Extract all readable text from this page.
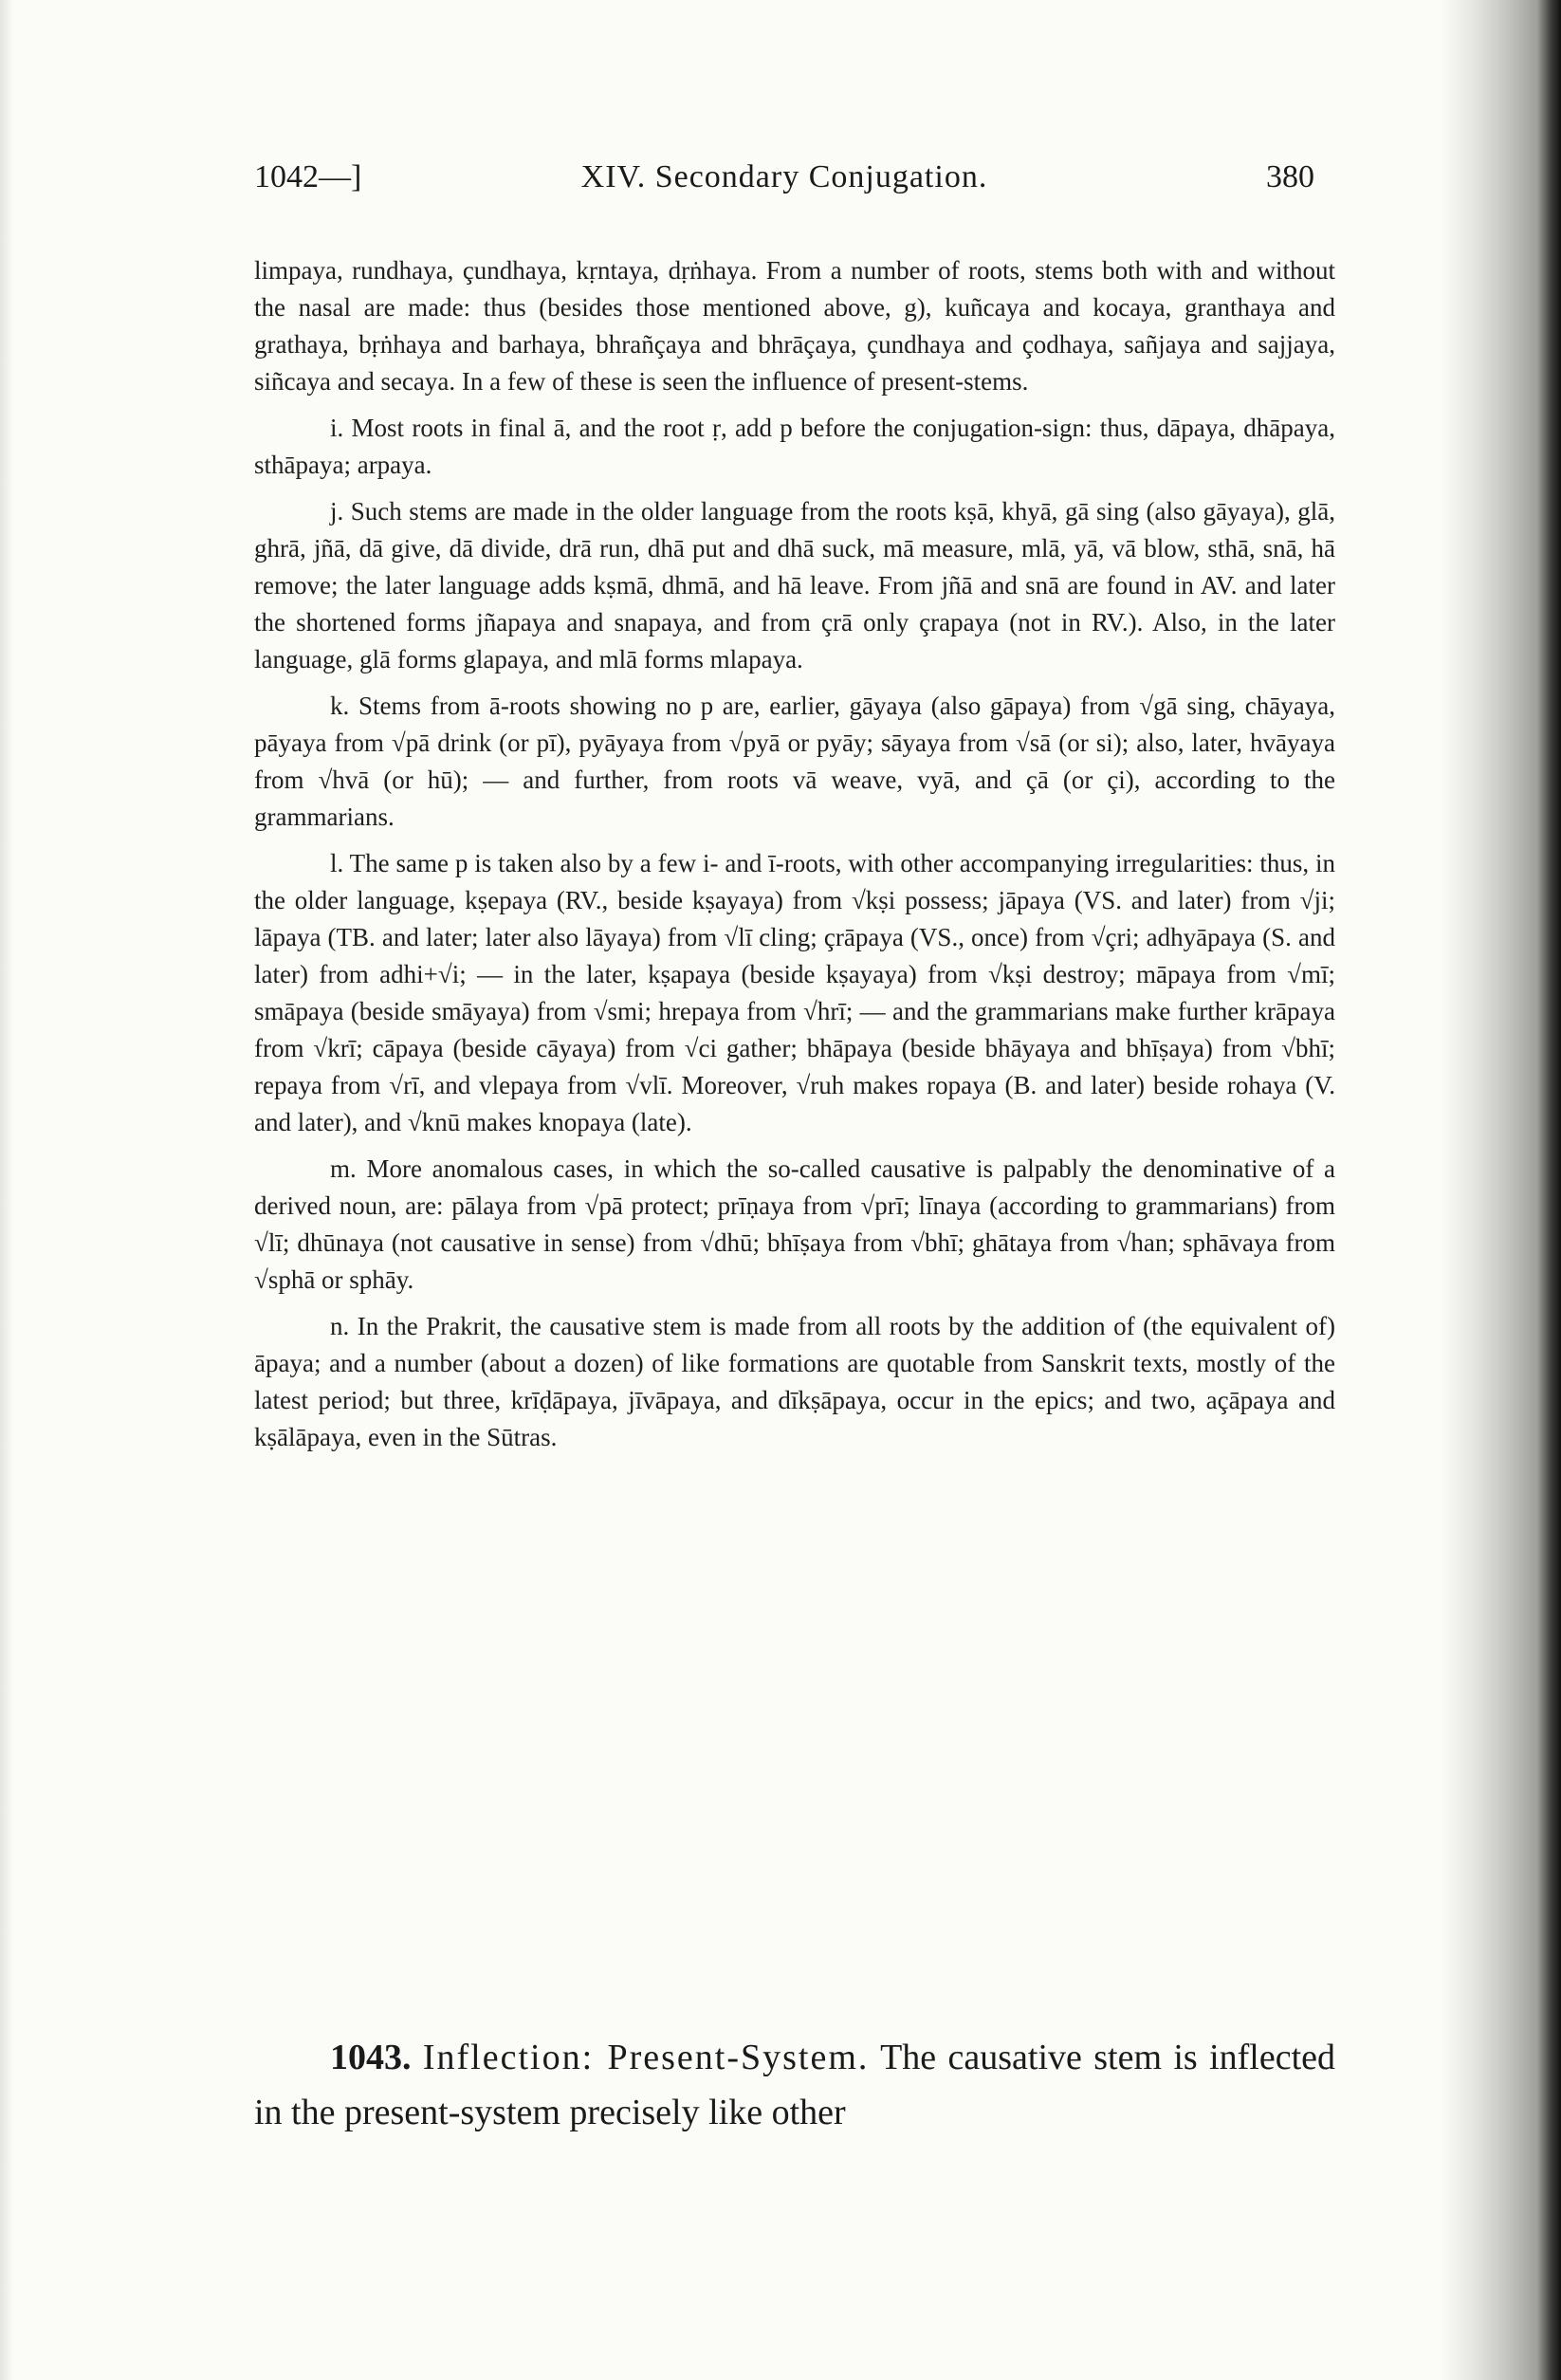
1042—]	XIV. Secondary Conjugation.	380

limpaya, rundhaya, çundhaya, kṛntaya, dṛṅhaya. From a number of roots, stems both with and without the nasal are made: thus (besides those mentioned above, g), kuñcaya and kocaya, granthaya and grathaya, bṛṅhaya and barhaya, bhrañçaya and bhrāçaya, çundhaya and çodhaya, sañjaya and sajjaya, siñcaya and secaya. In a few of these is seen the influence of present-stems.

i. Most roots in final ā, and the root ṛ, add p before the conjugation-sign: thus, dāpaya, dhāpaya, sthāpaya; arpaya.

j. Such stems are made in the older language from the roots kṣā, khyā, gā sing (also gāyaya), glā, ghrā, jñā, dā give, dā divide, drā run, dhā put and dhā suck, mā measure, mlā, yā, vā blow, sthā, snā, hā remove; the later language adds kṣmā, dhmā, and hā leave. From jñā and snā are found in AV. and later the shortened forms jñapaya and snapaya, and from çrā only çrapaya (not in RV.). Also, in the later language, glā forms glapaya, and mlā forms mlapaya.

k. Stems from ā-roots showing no p are, earlier, gāyaya (also gāpaya) from √gā sing, chāyaya, pāyaya from √pā drink (or pī), pyāyaya from √pyā or pyāy; sāyaya from √sā (or si); also, later, hvāyaya from √hvā (or hū); — and further, from roots vā weave, vyā, and çā (or çi), according to the grammarians.

l. The same p is taken also by a few i- and ī-roots, with other accompanying irregularities: thus, in the older language, kṣepaya (RV., beside kṣayaya) from √kṣi possess; jāpaya (VS. and later) from √ji; lāpaya (TB. and later; later also lāyaya) from √lī cling; çrāpaya (VS., once) from √çri; adhyāpaya (S. and later) from adhi+√i; — in the later, kṣapaya (beside kṣayaya) from √kṣi destroy; māpaya from √mī; smāpaya (beside smāyaya) from √smi; hrepaya from √hrī; — and the grammarians make further krāpaya from √krī; cāpaya (beside cāyaya) from √ci gather; bhāpaya (beside bhāyaya and bhīṣaya) from √bhī; repaya from √rī, and vlepaya from √vlī. Moreover, √ruh makes ropaya (B. and later) beside rohaya (V. and later), and √knū makes knopaya (late).

m. More anomalous cases, in which the so-called causative is palpably the denominative of a derived noun, are: pālaya from √pā protect; prīṇaya from √prī; līnaya (according to grammarians) from √lī; dhūnaya (not causative in sense) from √dhū; bhīṣaya from √bhī; ghātaya from √han; sphāvaya from √sphā or sphāy.

n. In the Prakrit, the causative stem is made from all roots by the addition of (the equivalent of) āpaya; and a number (about a dozen) of like formations are quotable from Sanskrit texts, mostly of the latest period; but three, krīḍāpaya, jīvāpaya, and dīkṣāpaya, occur in the epics; and two, açāpaya and kṣālāpaya, even in the Sūtras.

1043. Inflection: Present-System. The causative stem is inflected in the present-system precisely like other
